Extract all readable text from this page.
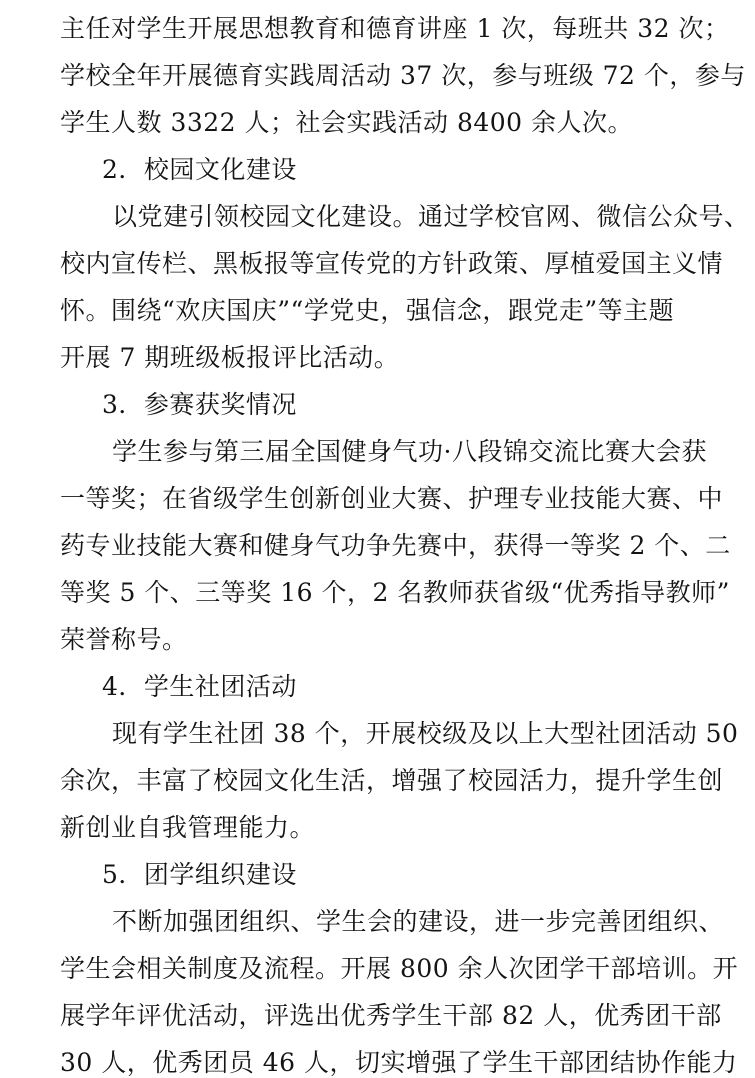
主任对学生开展思想教育和德育讲座 1 次，每班共 32 次；
学校全年开展德育实践周活动 37 次，参与班级 72 个，参与
学生人数 3322 人；社会实践活动 8400 余人次。
2．校园文化建设
以党建引领校园文化建设。通过学校官网、微信公众号、
校内宣传栏、黑板报等宣传党的方针政策、厚植爱国主义情
怀。围绕“欢庆国庆”“学党史，强信念，跟党走”等主题
开展 7 期班级板报评比活动。
3．参赛获奖情况
学生参与第三届全国健身气功·八段锦交流比赛大会获
一等奖；在省级学生创新创业大赛、护理专业技能大赛、中
药专业技能大赛和健身气功争先赛中，获得一等奖 2 个、二
等奖 5 个、三等奖 16 个，2 名教师获省级“优秀指导教师”
荣誉称号。
4．学生社团活动
现有学生社团 38 个，开展校级及以上大型社团活动 50
余次，丰富了校园文化生活，增强了校园活力，提升学生创
新创业自我管理能力。
5．团学组织建设
不断加强团组织、学生会的建设，进一步完善团组织、
学生会相关制度及流程。开展 800 余人次团学干部培训。开
展学年评优活动，评选出优秀学生干部 82 人，优秀团干部
30 人，优秀团员 46 人，切实增强了学生干部团结协作能力
